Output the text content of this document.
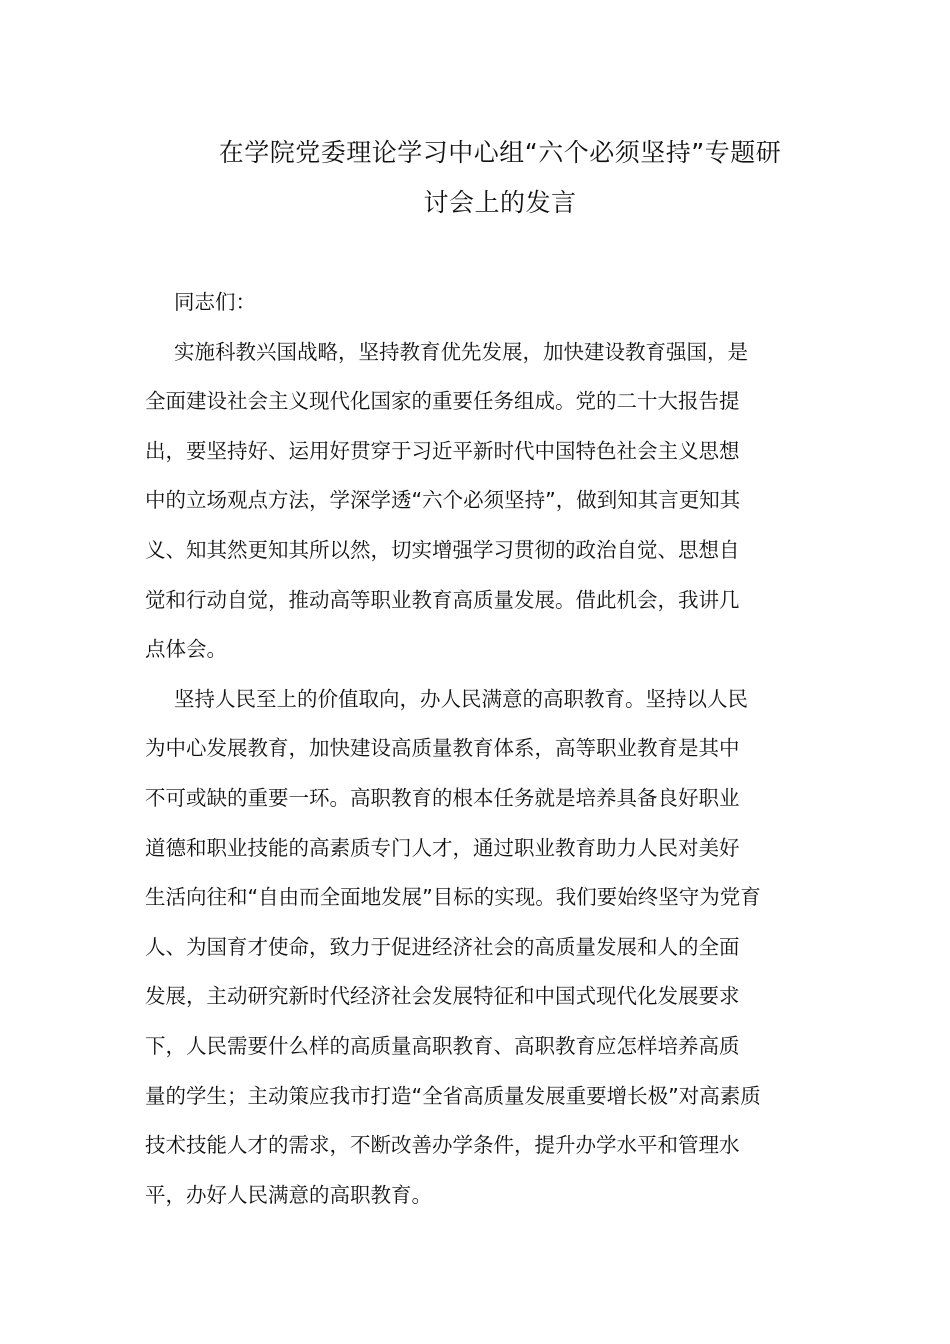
在学院党委理论学习中心组“六个必须坚持”专题研
讨会上的发言

同志们：

实施科教兴国战略，坚持教育优先发展，加快建设教育强国，是
全面建设社会主义现代化国家的重要任务组成。党的二十大报告提
出，要坚持好、运用好贯穿于习近平新时代中国特色社会主义思想
中的立场观点方法，学深学透“六个必须坚持”，做到知其言更知其
义、知其然更知其所以然，切实增强学习贯彻的政治自觉、思想自
觉和行动自觉，推动高等职业教育高质量发展。借此机会，我讲几
点体会。

坚持人民至上的价值取向，办人民满意的高职教育。坚持以人民
为中心发展教育，加快建设高质量教育体系，高等职业教育是其中
不可或缺的重要一环。高职教育的根本任务就是培养具备良好职业
道德和职业技能的高素质专门人才，通过职业教育助力人民对美好
生活向往和“自由而全面地发展”目标的实现。我们要始终坚守为党育
人、为国育才使命，致力于促进经济社会的高质量发展和人的全面
发展，主动研究新时代经济社会发展特征和中国式现代化发展要求
下，人民需要什么样的高质量高职教育、高职教育应怎样培养高质
量的学生；主动策应我市打造“全省高质量发展重要增长极”对高素质
技术技能人才的需求，不断改善办学条件，提升办学水平和管理水
平，办好人民满意的高职教育。
